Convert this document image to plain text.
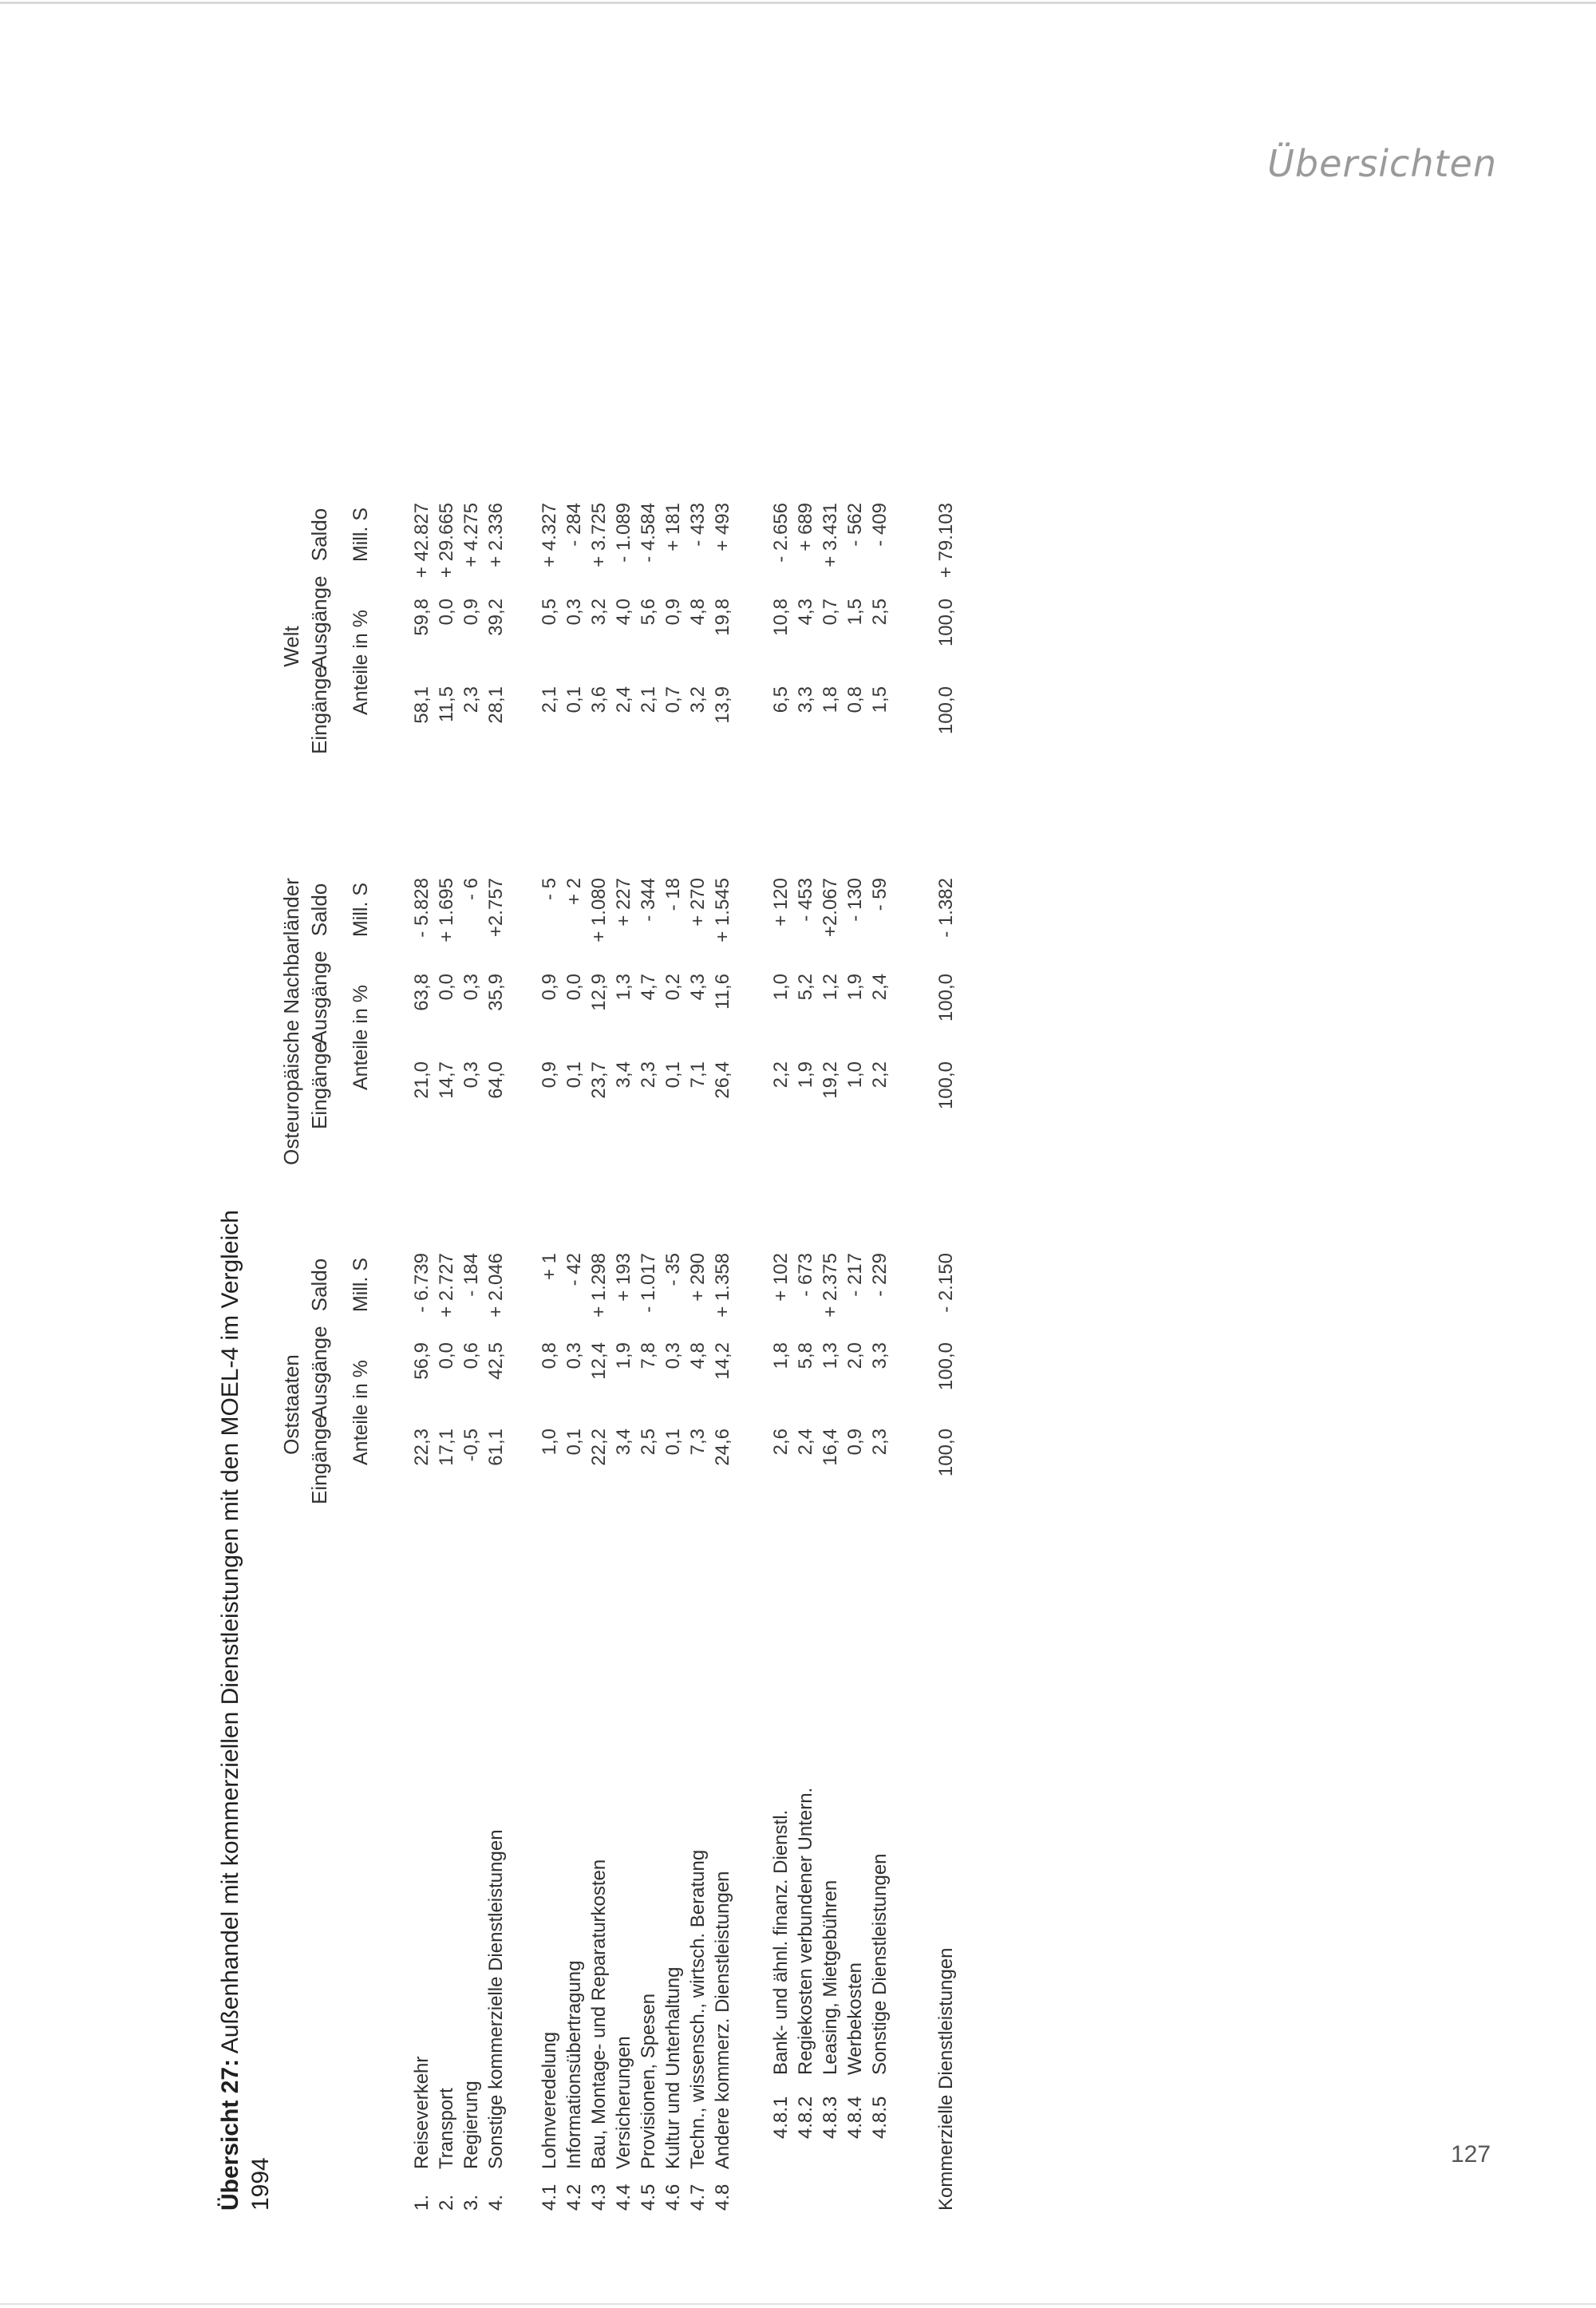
Übersichten
Übersicht 27: Außenhandel mit kommerziellen Dienstleistungen mit den MOEL-4 im Vergleich
1994
Oststaaten
Osteuropäische Nachbarländer
Welt
Eingänge
Ausgänge
Saldo
Eingänge
Ausgänge
Saldo
Eingänge
Ausgänge
Saldo
Anteile in %
Mill. S
Anteile in %
Mill. S
Anteile in %
Mill. S
1.
Reiseverkehr
22,3
56,9
- 6.739
21,0
63,8
- 5.828
58,1
59,8
+ 42.827
2.
Transport
17,1
0,0
+ 2.727
14,7
0,0
+ 1.695
11,5
0,0
+ 29.665
3.
Regierung
-0,5
0,6
- 184
0,3
0,3
- 6
2,3
0,9
+ 4.275
4.
Sonstige kommerzielle Dienstleistungen
61,1
42,5
+ 2.046
64,0
35,9
+2.757
28,1
39,2
+ 2.336
4.1
Lohnveredelung
1,0
0,8
+ 1
0,9
0,9
- 5
2,1
0,5
+ 4.327
4.2
Informationsübertragung
0,1
0,3
- 42
0,1
0,0
+ 2
0,1
0,3
- 284
4.3
Bau, Montage- und Reparaturkosten
22,2
12,4
+ 1.298
23,7
12,9
+ 1.080
3,6
3,2
+ 3.725
4.4
Versicherungen
3,4
1,9
+ 193
3,4
1,3
+ 227
2,4
4,0
- 1.089
4.5
Provisionen, Spesen
2,5
7,8
- 1.017
2,3
4,7
- 344
2,1
5,6
- 4.584
4.6
Kultur und Unterhaltung
0,1
0,3
- 35
0,1
0,2
- 18
0,7
0,9
+ 181
4.7
Techn., wissensch., wirtsch. Beratung
7,3
4,8
+ 290
7,1
4,3
+ 270
3,2
4,8
- 433
4.8
Andere kommerz. Dienstleistungen
24,6
14,2
+ 1.358
26,4
11,6
+ 1.545
13,9
19,8
+ 493
4.8.1
Bank- und ähnl. finanz. Dienstl.
2,6
1,8
+ 102
2,2
1,0
+ 120
6,5
10,8
- 2.656
4.8.2
Regiekosten verbundener Untern.
2,4
5,8
- 673
1,9
5,2
- 453
3,3
4,3
+ 689
4.8.3
Leasing, Mietgebühren
16,4
1,3
+ 2.375
19,2
1,2
+2.067
1,8
0,7
+ 3.431
4.8.4
Werbekosten
0,9
2,0
- 217
1,0
1,9
- 130
0,8
1,5
- 562
4.8.5
Sonstige Dienstleistungen
2,3
3,3
- 229
2,2
2,4
- 59
1,5
2,5
- 409
Kommerzielle Dienstleistungen
100,0
100,0
- 2.150
100,0
100,0
- 1.382
100,0
100,0
+ 79.103
127
